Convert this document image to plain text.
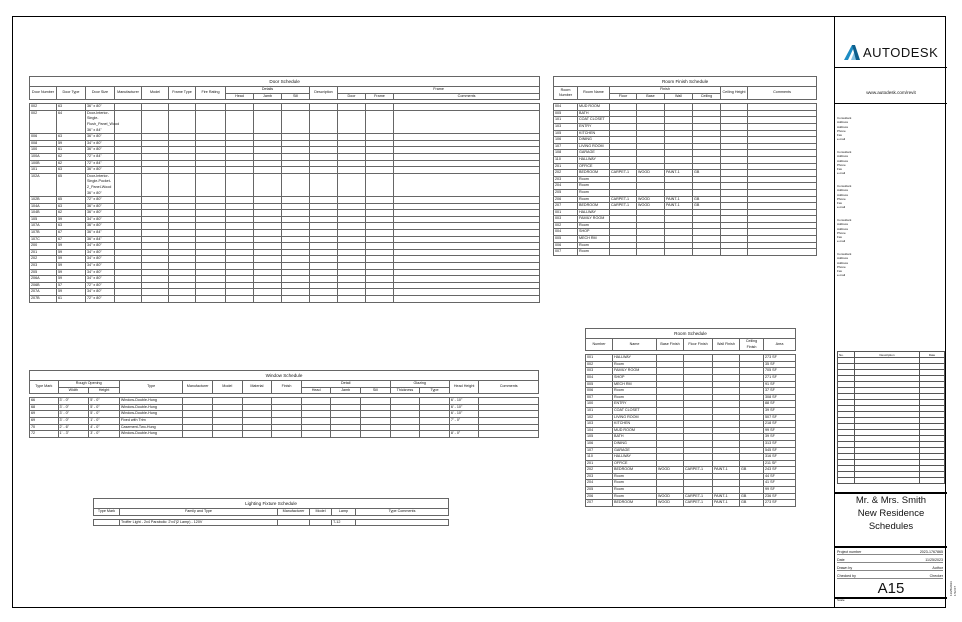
AUTODESK
www.autodesk.com/revit
Consultant
Address
Address
Phone
Fax
e-mail
Consultant
Address
Address
Phone
Fax
e-mail
Consultant
Address
Address
Phone
Fax
e-mail
Consultant
Address
Address
Phone
Fax
e-mail
Consultant
Address
Address
Phone
Fax
e-mail
No.	Description	Date

Mr. & Mrs. Smith
New Residence
Schedules
Project number	2023-1767865
Date	11/25/2023
Drawn by	Author
Checked by	Checker
A15
Scale
11/25/2023 1:52:07
Door Schedule													
Door Number	Door Type	Door Size	Manufacturer	Model	Frame Type	Fire Rating	Details			Description	Frame		
							Head	Jamb	Sill		Door	Frame	Comments

002	63	36" x 80"											
002	64	Door-Interior-Single-Flush_Panel_Wood 36" x 84"											
006	63	36" x 80"											
008	59	34" x 80"											
100	61	36" x 80"											
100A	62	72" x 84"											
100B	62	72" x 84"											
101	63	36" x 80"											
102A	65	Door-Interior-Single-Pocket-2_Panel-Wood 36" x 80"											
102B	65	72" x 80"											
104A	63	36" x 80"											
104B	62	36" x 80"											
105	59	34" x 80"											
107A	63	36" x 80"											
107B	67	36" x 84"											
107C	67	36" x 84"											
200	59	34" x 80"											
201	59	34" x 80"											
202	59	34" x 80"											
203	59	34" x 80"											
205	59	34" x 80"											
206A	59	34" x 80"											
206B	57	72" x 80"											
207A	59	34" x 80"											
207B	61	72" x 80"											
Room Finish Schedule							
Room Number	Room Name	Finish				Ceiling Height	Comments
		Floor	Base	Wall	Ceiling		

004	MUD ROOM						
005	BATH						
101	COAT CLOSET						
103	ENTRY						
105	KITCHEN						
106	DINING						
107	LIVING ROOM						
108	GARAGE						
110	HALLWAY						
201	OFFICE						
202	BEDROOM	CARPET-1	WOOD	PAINT-1	GB		
203	Room						
204	Room						
205	Room						
206	Room	CARPET-1	WOOD	PAINT-1	GB		
207	BEDROOM	CARPET-1	WOOD	PAINT-1	GB		
001	HALLWAY						
003	FAMILY ROOM						
002	Room						
004	SHOP						
005	MECH RM						
006	Room						
007	Room						
Room Schedule						
Number	Name	Base Finish	Floor Finish	Wall Finish	Ceiling Finish	Area

001	HALLWAY					273 SF
002	Room					35 SF
003	FAMILY ROOM					705 SF
004	SHOP					271 SF
005	MECH RM					91 SF
006	Room					37 SF
007	Room					308 SF
100	ENTRY					88 SF
101	COAT CLOSET					39 SF
102	LIVING ROOM					507 SF
103	KITCHEN					218 SF
104	MUD ROOM					99 SF
105	BATH					39 SF
106	DINING					313 SF
107	GARAGE					545 SF
110	HALLWAY					316 SF
201	OFFICE					211 SF
202	BEDROOM	WOOD	CARPET-1	PAINT-1	GB	243 SF
203	Room					44 SF
204	Room					41 SF
205	Room					99 SF
206	Room	WOOD	CARPET-1	PAINT-1	GB	236 SF
207	BEDROOM	WOOD	CARPET-1	PAINT-1	GB	273 SF
Window Schedule														
Type Mark	Rough Opening		Type	Manufacturer	Model	Material	Finish	Detail			Glazing		Head Height	Comments
	Width	Height						Head	Jamb	Sill	Thickness	Type		

66	3' - 0"	5' - 0"	Window-Double-Hung										6' - 10"	
68	3' - 0"	5' - 0"	Window-Double-Hung										6' - 10"	
69	3' - 0"	5' - 0"	Window-Double-Hung										6' - 10"	
69	3' - 0"	1' - 0"	Fixed with Trim										7' - 0"	
70	2' - 6"	4' - 0"	Casement-Two-Hung											
72	1' - 3"	3' - 0"	Window-Double-Hung										8' - 0"	
Lighting Fixture Schedule					
Type Mark	Family and Type	Manufacturer	Model	Lamp	Type Comments

	Troffer Light - 2x4 Parabolic: 2'x4'(2 Lamp) - 120V			T-12	
